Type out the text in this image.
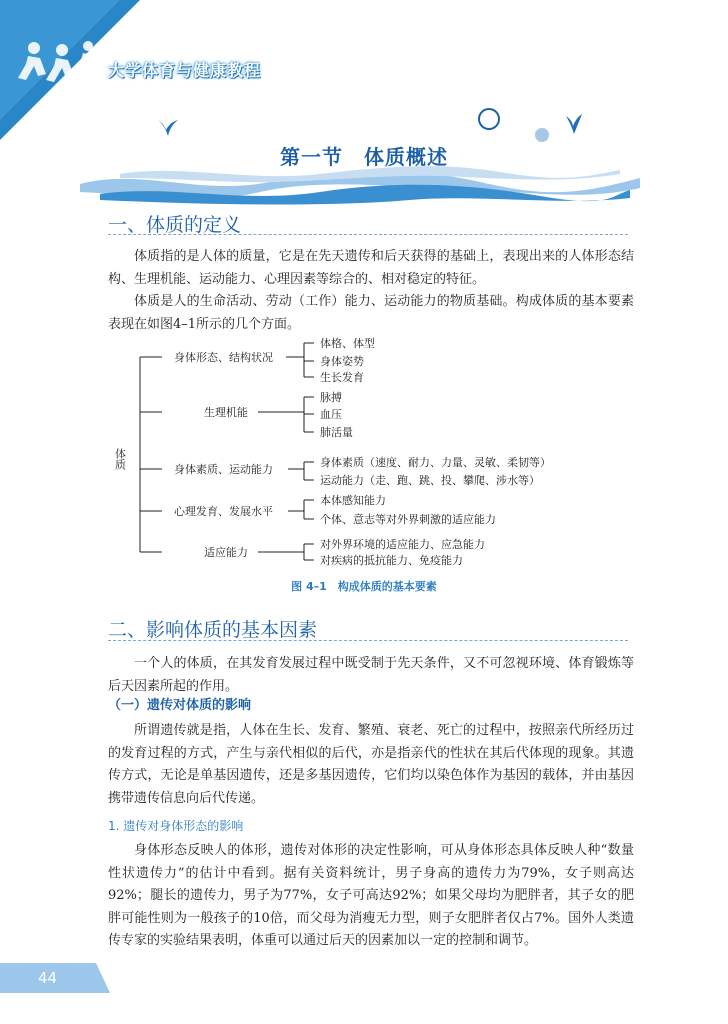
大学体育与健康教程
第一节　体质概述
一、体质的定义
体质指的是人体的质量，它是在先天遗传和后天获得的基础上，表现出来的人体形态结构、生理机能、运动能力、心理因素等综合的、相对稳定的特征。
体质是人的生命活动、劳动（工作）能力、运动能力的物质基础。构成体质的基本要素表现在如图4–1所示的几个方面。
体质
身体形态、结构状况
生理机能
身体素质、运动能力
心理发育、发展水平
适应能力
体格、体型
身体姿势
生长发育
脉搏
血压
肺活量
身体素质（速度、耐力、力量、灵敏、柔韧等）
运动能力（走、跑、跳、投、攀爬、涉水等）
本体感知能力
个体、意志等对外界刺激的适应能力
对外界环境的适应能力、应急能力
对疾病的抵抗能力、免疫能力
图 4–1　构成体质的基本要素
二、影响体质的基本因素
一个人的体质，在其发育发展过程中既受制于先天条件，又不可忽视环境、体育锻炼等后天因素所起的作用。
（一）遗传对体质的影响
所谓遗传就是指，人体在生长、发育、繁殖、衰老、死亡的过程中，按照亲代所经历过的发育过程的方式，产生与亲代相似的后代，亦是指亲代的性状在其后代体现的现象。其遗传方式，无论是单基因遗传，还是多基因遗传，它们均以染色体作为基因的载体，并由基因携带遗传信息向后代传递。
1. 遗传对身体形态的影响
身体形态反映人的体形，遗传对体形的决定性影响，可从身体形态具体反映人种“数量性状遗传力”的估计中看到。据有关资料统计，男子身高的遗传力为79%，女子则高达92%；腿长的遗传力，男子为77%，女子可高达92%；如果父母均为肥胖者，其子女的肥胖可能性则为一般孩子的10倍，而父母为消瘦无力型，则子女肥胖者仅占7%。国外人类遗传专家的实验结果表明，体重可以通过后天的因素加以一定的控制和调节。
44
